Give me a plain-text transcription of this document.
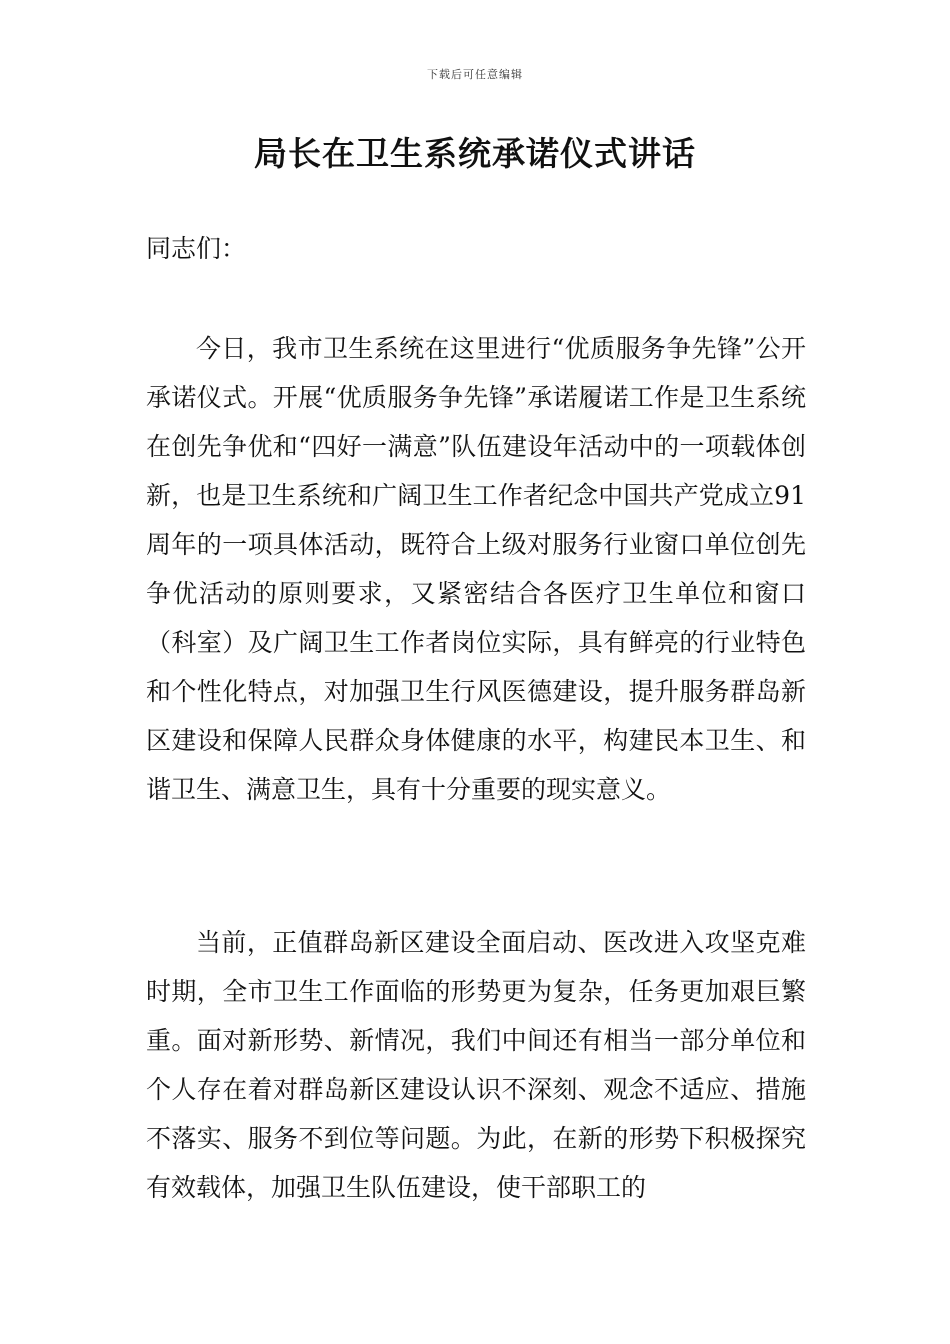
下载后可任意编辑
局长在卫生系统承诺仪式讲话

同志们：

今日，我市卫生系统在这里进行“优质服务争先锋”公开承诺仪式。开展“优质服务争先锋”承诺履诺工作是卫生系统在创先争优和“四好一满意”队伍建设年活动中的一项载体创新，也是卫生系统和广阔卫生工作者纪念中国共产党成立91周年的一项具体活动，既符合上级对服务行业窗口单位创先争优活动的原则要求，又紧密结合各医疗卫生单位和窗口（科室）及广阔卫生工作者岗位实际，具有鲜亮的行业特色和个性化特点，对加强卫生行风医德建设，提升服务群岛新区建设和保障人民群众身体健康的水平，构建民本卫生、和谐卫生、满意卫生，具有十分重要的现实意义。

当前，正值群岛新区建设全面启动、医改进入攻坚克难时期，全市卫生工作面临的形势更为复杂，任务更加艰巨繁重。面对新形势、新情况，我们中间还有相当一部分单位和个人存在着对群岛新区建设认识不深刻、观念不适应、措施不落实、服务不到位等问题。为此，在新的形势下积极探究有效载体，加强卫生队伍建设，使干部职工的
